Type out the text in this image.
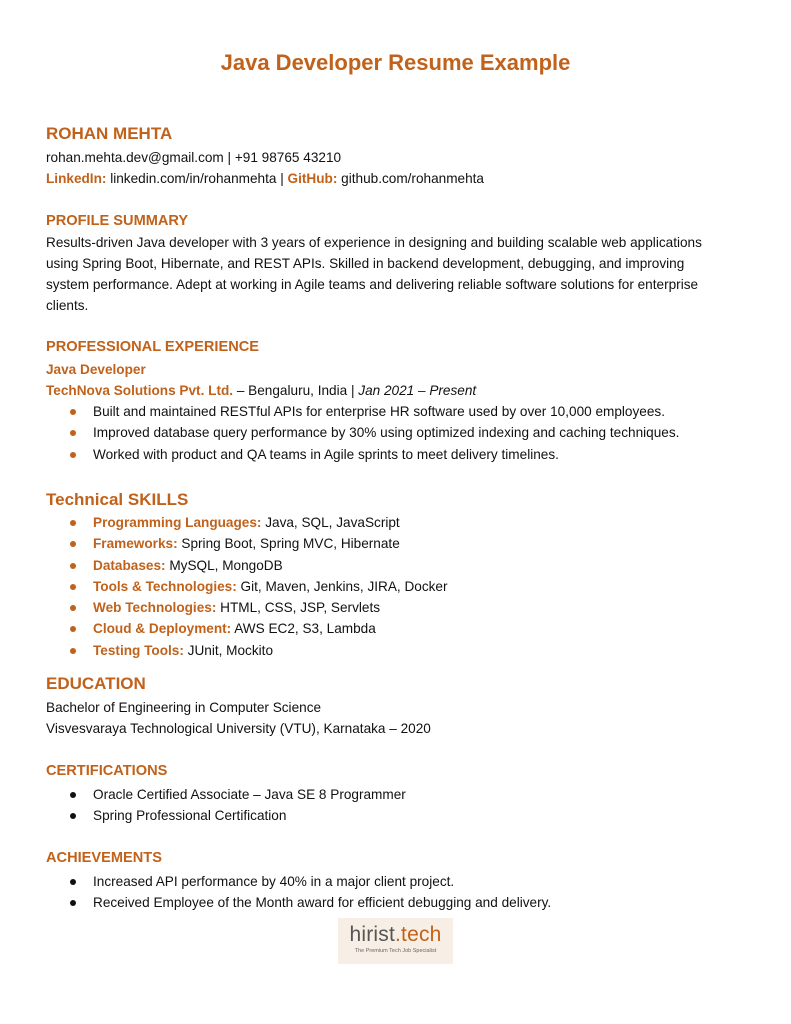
Java Developer Resume Example
ROHAN MEHTA
rohan.mehta.dev@gmail.com | +91 98765 43210
LinkedIn: linkedin.com/in/rohanmehta | GitHub: github.com/rohanmehta
PROFILE SUMMARY
Results-driven Java developer with 3 years of experience in designing and building scalable web applications
using Spring Boot, Hibernate, and REST APIs. Skilled in backend development, debugging, and improving
system performance. Adept at working in Agile teams and delivering reliable software solutions for enterprise
clients.
PROFESSIONAL EXPERIENCE
Java Developer
TechNova Solutions Pvt. Ltd. – Bengaluru, India | Jan 2021 – Present
Built and maintained RESTful APIs for enterprise HR software used by over 10,000 employees.
Improved database query performance by 30% using optimized indexing and caching techniques.
Worked with product and QA teams in Agile sprints to meet delivery timelines.
Technical SKILLS
Programming Languages: Java, SQL, JavaScript
Frameworks: Spring Boot, Spring MVC, Hibernate
Databases: MySQL, MongoDB
Tools & Technologies: Git, Maven, Jenkins, JIRA, Docker
Web Technologies: HTML, CSS, JSP, Servlets
Cloud & Deployment: AWS EC2, S3, Lambda
Testing Tools: JUnit, Mockito
EDUCATION
Bachelor of Engineering in Computer Science
Visvesvaraya Technological University (VTU), Karnataka – 2020
CERTIFICATIONS
Oracle Certified Associate – Java SE 8 Programmer
Spring Professional Certification
ACHIEVEMENTS
Increased API performance by 40% in a major client project.
Received Employee of the Month award for efficient debugging and delivery.
hirist.tech
The Premium Tech Job Specialist
